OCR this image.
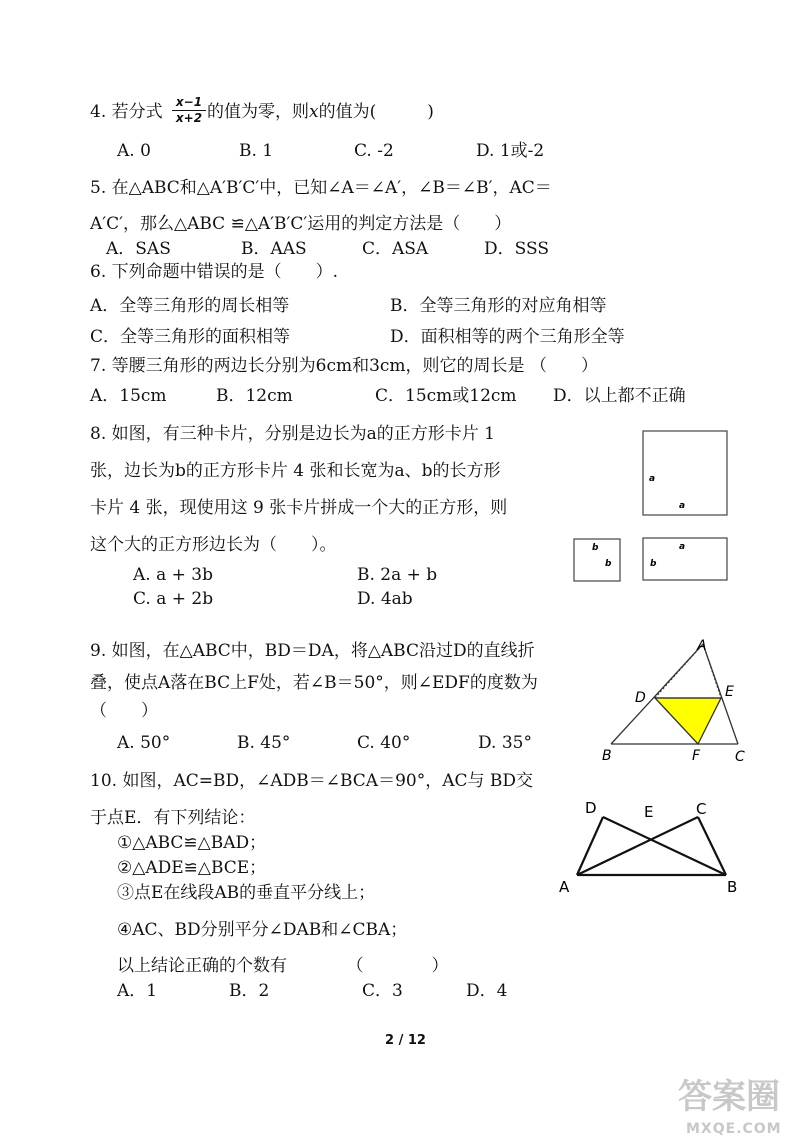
4. 若分式	x−1
x+2 的值为零，则x的值为(　　　)
A. 0	B. 1	C. -2	D. 1或-2
5. 在△ABC和△A′B′C′中，已知∠A＝∠A′，∠B＝∠B′，AC＝
A′C′，那么△ABC ≌△A′B′C′运用的判定方法是（　　）
A．SAS	B．AAS	C．ASA	D．SSS
6. 下列命题中错误的是（　　）.
A．全等三角形的周长相等	B．全等三角形的对应角相等
C．全等三角形的面积相等	D．面积相等的两个三角形全等
7. 等腰三角形的两边长分别为6cm和3cm，则它的周长是 （　　）
A．15cm	B．12cm	C．15cm或12cm D．以上都不正确
8. 如图，有三种卡片，分别是边长为a的正方形卡片 1
张，边长为b的正方形卡片 4 张和长宽为a、b的长方形
卡片 4 张，现使用这 9 张卡片拼成一个大的正方形，则
这个大的正方形边长为（　　）。
A. a + 3b	B. 2a + b
C. a + 2b	D. 4ab
a
a
b
b
a
b
9. 如图，在△ABC中，BD＝DA，将△ABC沿过D的直线折
叠，使点A落在BC上F处，若∠B＝50°，则∠EDF的度数为
（　　）
A. 50°	B. 45°	C. 40°	D. 35°
A
D	E
B	F C
10. 如图，AC=BD，∠ADB＝∠BCA＝90°，AC与 BD交
于点E．有下列结论：
①△ABC≌△BAD；
②△ADE≌△BCE；
③点E在线段AB的垂直平分线上；
④AC、BD分别平分∠DAB和∠CBA；
以上结论正确的个数有　　　　（　　　　）
A．1	B．2	C．3	D．4
D	E	C
A	B
2 / 12
答案圈
MXQE.COM
